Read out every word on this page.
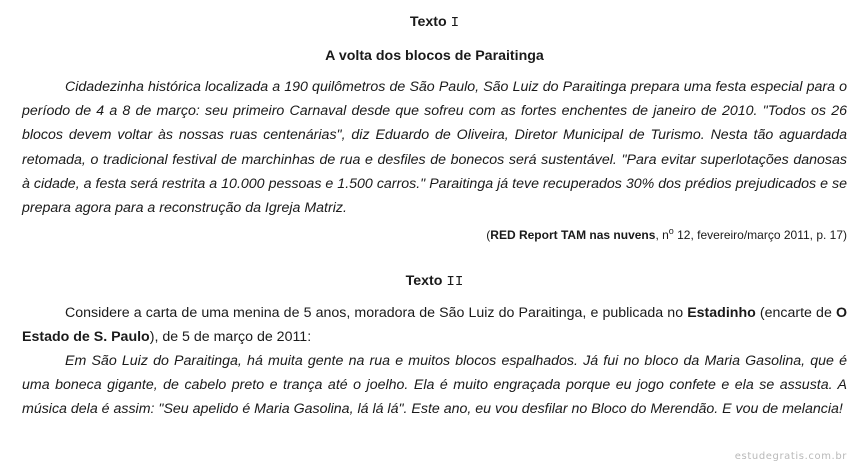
Texto I
A volta dos blocos de Paraitinga
Cidadezinha histórica localizada a 190 quilômetros de São Paulo, São Luiz do Paraitinga prepara uma festa especial para o período de 4 a 8 de março: seu primeiro Carnaval desde que sofreu com as fortes enchentes de janeiro de 2010. "Todos os 26 blocos devem voltar às nossas ruas centenárias", diz Eduardo de Oliveira, Diretor Municipal de Turismo. Nesta tão aguardada retomada, o tradicional festival de marchinhas de rua e desfiles de bonecos será sustentável. "Para evitar superlotações danosas à cidade, a festa será restrita a 10.000 pessoas e 1.500 carros." Paraitinga já teve recuperados 30% dos prédios prejudicados e se prepara agora para a reconstrução da Igreja Matriz.
(RED Report TAM nas nuvens, $n^o$ 12, fevereiro/março 2011, p. 17)
Texto II
Considere a carta de uma menina de 5 anos, moradora de São Luiz do Paraitinga, e publicada no Estadinho (encarte de O Estado de S. Paulo), de 5 de março de 2011:
Em São Luiz do Paraitinga, há muita gente na rua e muitos blocos espalhados. Já fui no bloco da Maria Gasolina, que é uma boneca gigante, de cabelo preto e trança até o joelho. Ela é muito engraçada porque eu jogo confete e ela se assusta. A música dela é assim: "Seu apelido é Maria Gasolina, lá lá lá". Este ano, eu vou desfilar no Bloco do Merendão. E vou de melancia!
estudegratis.com.br
